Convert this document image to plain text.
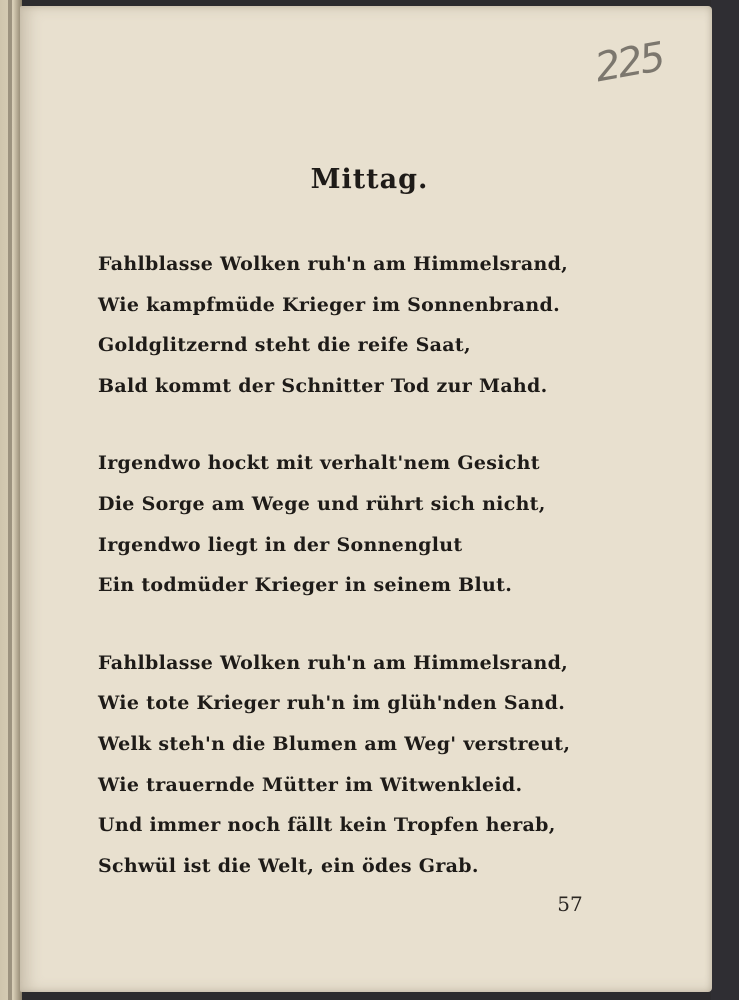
225
Mittag.
Fahlblasse Wolken ruh'n am Himmelsrand,
Wie kampfmüde Krieger im Sonnenbrand.
Goldglitzernd steht die reife Saat,
Bald kommt der Schnitter Tod zur Mahd.
Irgendwo hockt mit verhalt'nem Gesicht
Die Sorge am Wege und rührt sich nicht,
Irgendwo liegt in der Sonnenglut
Ein todmüder Krieger in seinem Blut.
Fahlblasse Wolken ruh'n am Himmelsrand,
Wie tote Krieger ruh'n im glüh'nden Sand.
Welk steh'n die Blumen am Weg' verstreut,
Wie trauernde Mütter im Witwenkleid.
Und immer noch fällt kein Tropfen herab,
Schwül ist die Welt, ein ödes Grab.
57
